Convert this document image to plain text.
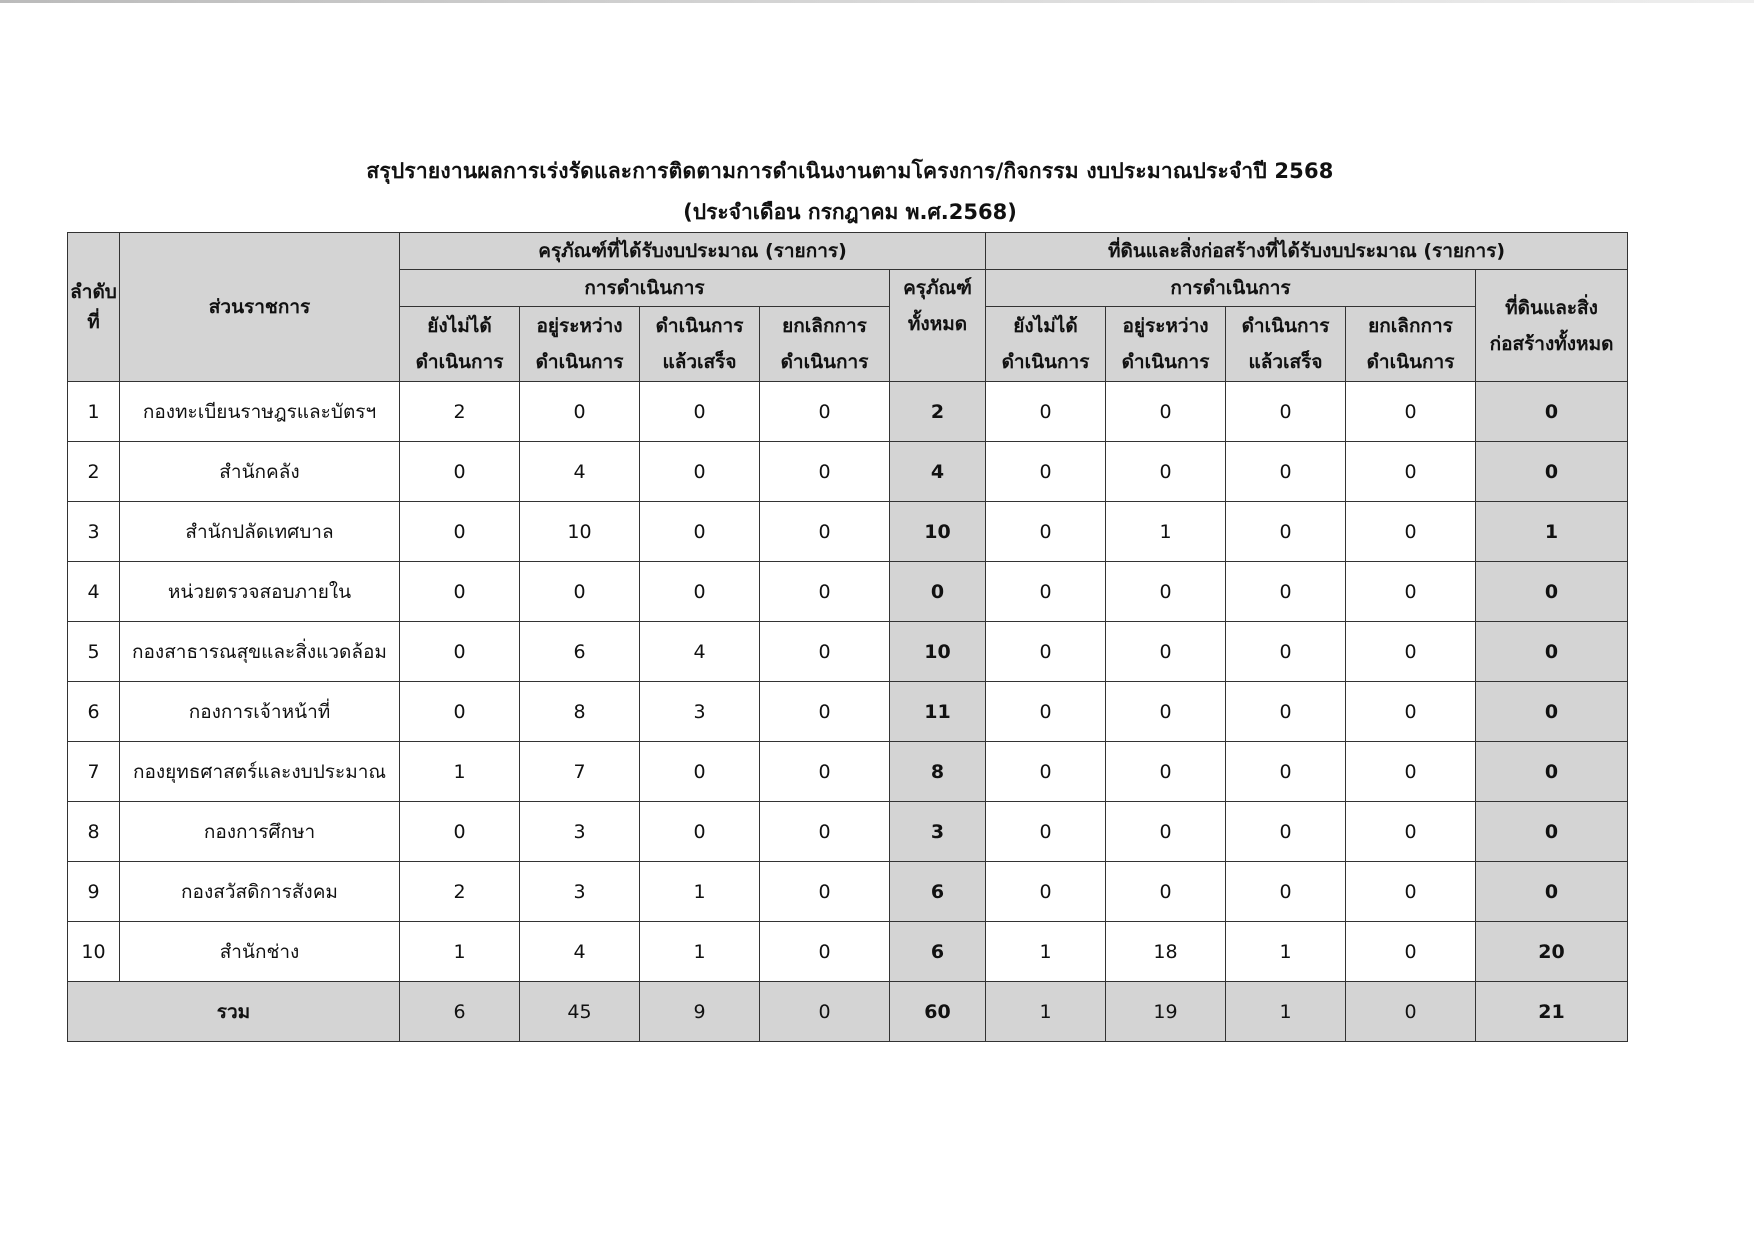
สรุปรายงานผลการเร่งรัดและการติดตามการดำเนินงานตามโครงการ/กิจกรรม งบประมาณประจำปี 2568
(ประจำเดือน กรกฎาคม พ.ศ.2568)
ลำดับที่	ส่วนราชการ	ครุภัณฑ์ที่ได้รับงบประมาณ (รายการ)					ที่ดินและสิ่งก่อสร้างที่ได้รับงบประมาณ (รายการ)				
		การดำเนินการ				ครุภัณฑ์ทั้งหมด	การดำเนินการ				ที่ดินและสิ่งก่อสร้างทั้งหมด
		ยังไม่ได้ดำเนินการ	อยู่ระหว่างดำเนินการ	ดำเนินการแล้วเสร็จ	ยกเลิกการดำเนินการ		ยังไม่ได้ดำเนินการ	อยู่ระหว่างดำเนินการ	ดำเนินการแล้วเสร็จ	ยกเลิกการดำเนินการ	
1	กองทะเบียนราษฎรและบัตรฯ	2	0	0	0	2	0	0	0	0	0
2	สำนักคลัง	0	4	0	0	4	0	0	0	0	0
3	สำนักปลัดเทศบาล	0	10	0	0	10	0	1	0	0	1
4	หน่วยตรวจสอบภายใน	0	0	0	0	0	0	0	0	0	0
5	กองสาธารณสุขและสิ่งแวดล้อม	0	6	4	0	10	0	0	0	0	0
6	กองการเจ้าหน้าที่	0	8	3	0	11	0	0	0	0	0
7	กองยุทธศาสตร์และงบประมาณ	1	7	0	0	8	0	0	0	0	0
8	กองการศึกษา	0	3	0	0	3	0	0	0	0	0
9	กองสวัสดิการสังคม	2	3	1	0	6	0	0	0	0	0
10	สำนักช่าง	1	4	1	0	6	1	18	1	0	20
รวม		6	45	9	0	60	1	19	1	0	21
